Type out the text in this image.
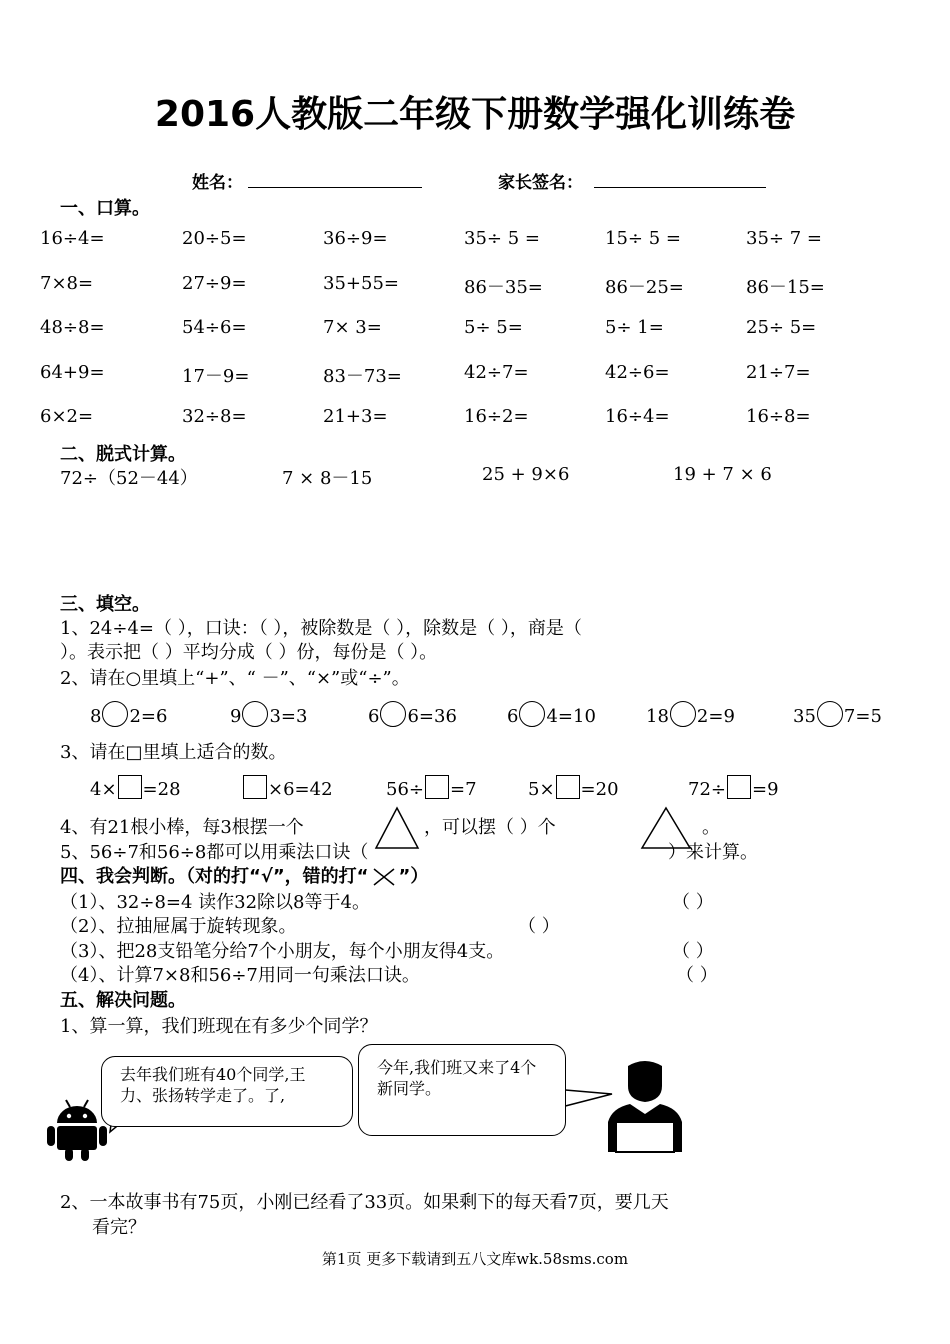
2016人教版二年级下册数学强化训练卷
姓名：	家长签名：
一、口算。
16÷4=	20÷5=	36÷9=	35÷ 5 =	15÷ 5 =	35÷ 7 =
7×8=	27÷9=	35+55=	86－35=	86－25=	86－15=
48÷8=	54÷6=	7× 3=	5÷ 5=	5÷ 1=	25÷ 5=
64+9=	17－9=	83－73=	42÷7=	42÷6=	21÷7=
6×2=	32÷8=	21+3=	16÷2=	16÷4=	16÷8=
二、脱式计算。
72÷（52－44）	7 × 8－15	25 + 9×6	19 + 7 × 6
三、填空。
1、24÷4=（ ），口诀：（ ），被除数是（ ），除数是（ ），商是（
）。表示把（ ）平均分成（ ）份，每份是（ ）。
2、请在○里填上“+”、“ －”、“×”或“÷”。
8 2=6	9 3=3	6 6=36	6 4=10	18 2=9	35 7=5
3、请在□里填上适合的数。
4× =28	×6=42	56÷ =7	5× =20	72÷ =9
4、有21根小棒，每3根摆一个	，可以摆（ ）个	。
5、56÷7和56÷8都可以用乘法口诀（	）来计算。
四、我会判断。（对的打“√”，错的打“ ”）
（1）、32÷8=4 读作32除以8等于4。	（ ）
（2）、拉抽屉属于旋转现象。	（ ）
（3）、把28支铅笔分给7个小朋友，每个小朋友得4支。	（ ）
（4）、计算7×8和56÷7用同一句乘法口诀。	（ ）
五、解决问题。
1、算一算，我们班现在有多少个同学？
去年我们班有40个同学,王力、张扬转学走了。了,
今年,我们班又来了4个新同学。
2、一本故事书有75页，小刚已经看了33页。如果剩下的每天看7页，要几天
看完？
第1页 更多下载请到五八文库wk.58sms.com
